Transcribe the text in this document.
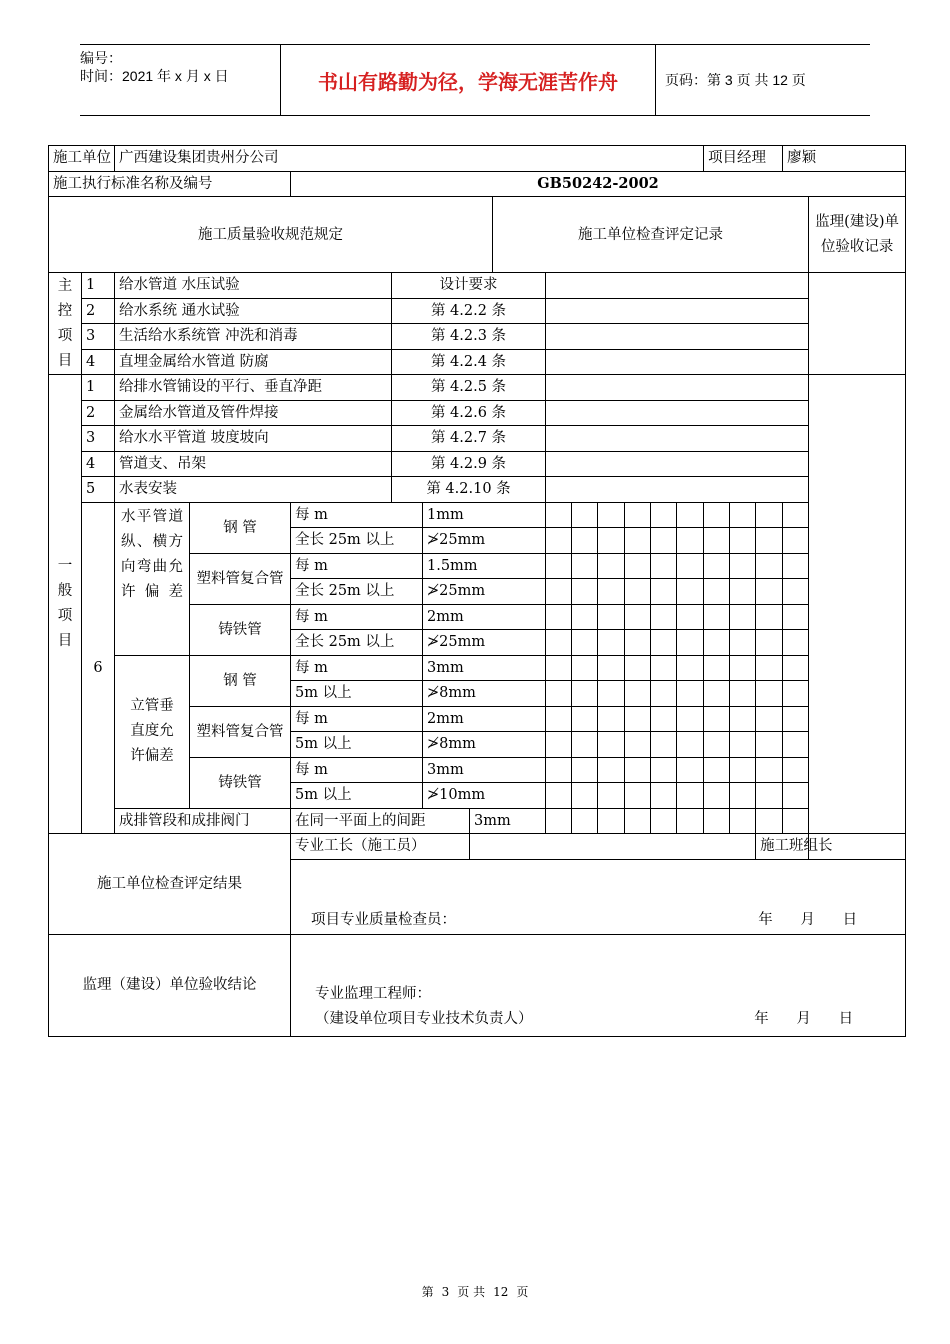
编号：
时间：2021 年 x 月 x 日	书山有路勤为径，学海无涯苦作舟	页码：第 3 页 共 12 页
施工单位		广西建设集团贵州分公司													项目经理			廖颖	
施工执行标准名称及编号				GB50242-2002															
施工质量验收规范规定								施工单位检查评定记录											监理(建设)单位验收记录
主控项目	1	给水管道 水压试验			设计要求														
	2	给水系统 通水试验			第 4.2.2 条														
	3	生活给水系统管 冲洗和消毒			第 4.2.3 条														
	4	直埋金属给水管道 防腐			第 4.2.4 条														
一般项目	1	给排水管铺设的平行、垂直净距			第 4.2.5 条														
	2	金属给水管道及管件焊接			第 4.2.6 条														
	3	给水水平管道 坡度坡向			第 4.2.7 条														
	4	管道支、吊架			第 4.2.9 条														
	5	水表安装			第 4.2.10 条														
	6	水平管道纵、横方向弯曲允许偏差	钢 管	每 m		1mm													
				全长 25m 以上		≯25mm													
			塑料管复合管	每 m		1.5mm													
				全长 25m 以上		≯25mm													
			铸铁管	每 m		2mm													
				全长 25m 以上		≯25mm													
		立管垂直度允许偏差	钢 管	每 m		3mm													
				5m 以上		≯8mm													
			塑料管复合管	每 m		2mm													
				5m 以上		≯8mm													
			铸铁管	每 m		3mm													
				5m 以上		≯10mm													
		成排管段和成排阀门		在同一平面上的间距			3mm												
施工单位检查评定结果				专业工长（施工员）													施工班组长		

				项目专业质量检查员： 年      月      日															

监理（建设）单位验收结论				专业监理工程师：
（建设单位项目专业技术负责人） 年      月      日															
第 3 页 共 12 页
